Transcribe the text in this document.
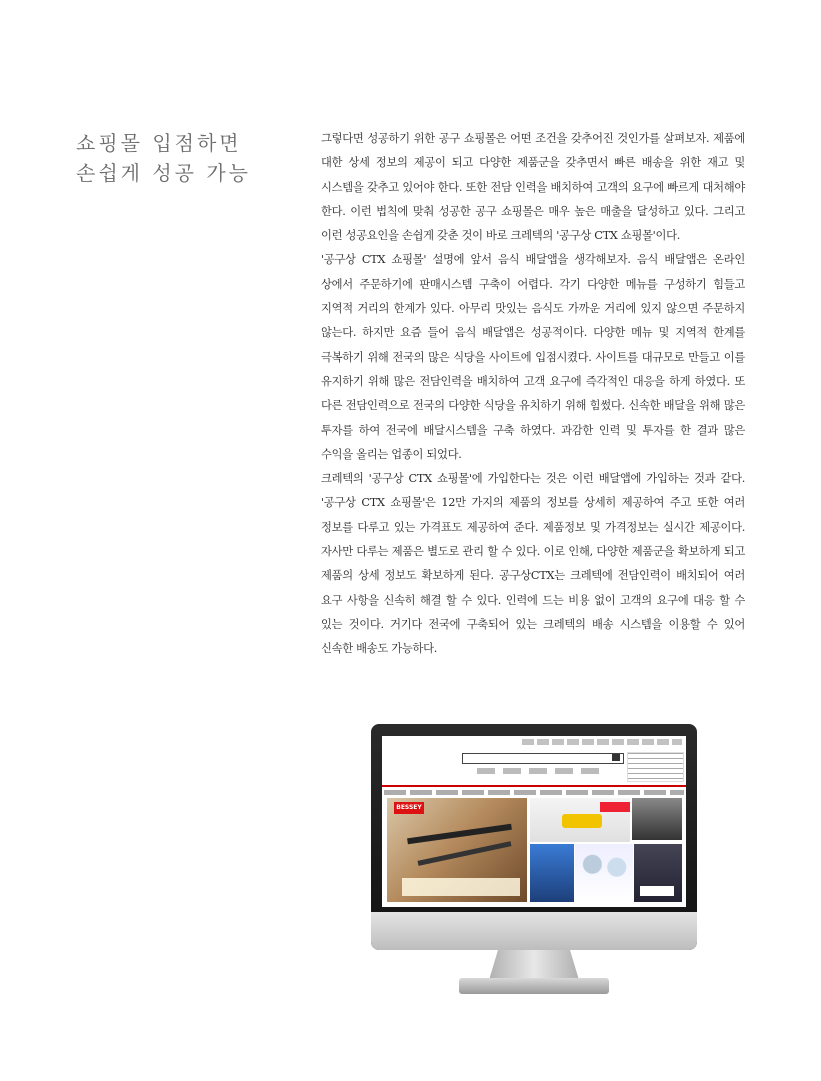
쇼핑몰 입점하면
손쉽게 성공 가능

그렇다면 성공하기 위한 공구 쇼핑몰은 어떤 조건을 갖추어진 것인가를 살펴보자. 제품에 대한 상세 정보의 제공이 되고 다양한 제품군을 갖추면서 빠른 배송을 위한 재고 및 시스템을 갖추고 있어야 한다. 또한 전담 인력을 배치하여 고객의 요구에 빠르게 대처해야 한다. 이런 법칙에 맞춰 성공한 공구 쇼핑몰은 매우 높은 매출을 달성하고 있다. 그리고 이런 성공요인을 손쉽게 갖춘 것이 바로 크레텍의 '공구상 CTX 쇼핑몰'이다.

'공구상 CTX 쇼핑몰' 설명에 앞서 음식 배달앱을 생각해보자. 음식 배달앱은 온라인 상에서 주문하기에 판매시스템 구축이 어렵다. 각기 다양한 메뉴를 구성하기 힘들고 지역적 거리의 한계가 있다. 아무리 맛있는 음식도 가까운 거리에 있지 않으면 주문하지 않는다. 하지만 요즘 들어 음식 배달앱은 성공적이다. 다양한 메뉴 및 지역적 한계를 극복하기 위해 전국의 많은 식당을 사이트에 입점시켰다. 사이트를 대규모로 만들고 이를 유지하기 위해 많은 전담인력을 배치하여 고객 요구에 즉각적인 대응을 하게 하였다. 또 다른 전담인력으로 전국의 다양한 식당을 유치하기 위해 힘썼다. 신속한 배달을 위해 많은 투자를 하여 전국에 배달시스템을 구축 하였다. 과감한 인력 및 투자를 한 결과 많은 수익을 올리는 업종이 되었다.

크레텍의 '공구상 CTX 쇼핑몰'에 가입한다는 것은 이런 배달앱에 가입하는 것과 같다. '공구상 CTX 쇼핑몰'은 12만 가지의 제품의 정보를 상세히 제공하여 주고 또한 여러 정보를 다루고 있는 가격표도 제공하여 준다. 제품정보 및 가격정보는 실시간 제공이다. 자사만 다루는 제품은 별도로 관리 할 수 있다. 이로 인해, 다양한 제품군을 확보하게 되고 제품의 상세 정보도 확보하게 된다. 공구상CTX는 크레텍에 전담인력이 배치되어 여러 요구 사항을 신속히 해결 할 수 있다. 인력에 드는 비용 없이 고객의 요구에 대응 할 수 있는 것이다. 거기다 전국에 구축되어 있는 크레텍의 배송 시스템을 이용할 수 있어 신속한 배송도 가능하다.

BESSEY
